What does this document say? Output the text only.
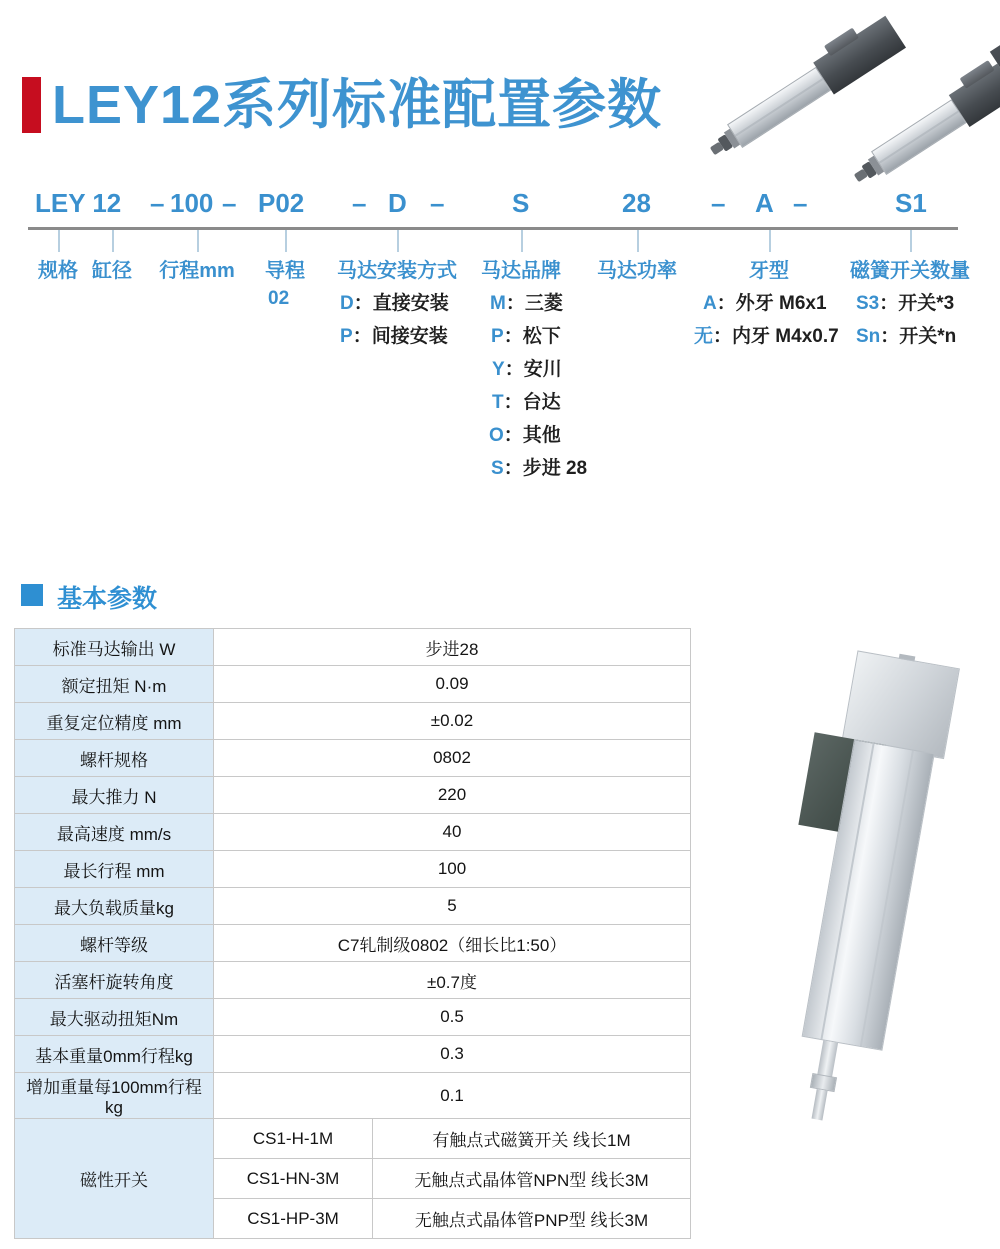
LEY12系列标准配置参数
LEY 12 – 100 – P02 – D –	S	28 – A –	S1
规格 缸径	行程mm	导程	马达安装方式	马达品牌	马达功率	牙型	磁簧开关数量
02	D：直接安装
P：间接安装
M：三菱
P：松下
Y：安川
T：台达
O：其他
S：步进 28
A：外牙 M6x1
无：内牙 M4x0.7
S3：开关*3
Sn：开关*n
基本参数
标准马达输出 W	步进28	
额定扭矩 N·m	0.09	
重复定位精度 mm	±0.02	
螺杆规格	0802	
最大推力 N	220	
最高速度 mm/s	40	
最长行程 mm	100	
最大负载质量kg	5	
螺杆等级	C7轧制级0802（细长比1:50）	
活塞杆旋转角度	±0.7度	
最大驱动扭矩Nm	0.5	
基本重量0mm行程kg	0.3	
增加重量每100mm行程kg	0.1	
磁性开关	CS1-H-1M	有触点式磁簧开关 线长1M
	CS1-HN-3M	无触点式晶体管NPN型 线长3M
	CS1-HP-3M	无触点式晶体管PNP型 线长3M
